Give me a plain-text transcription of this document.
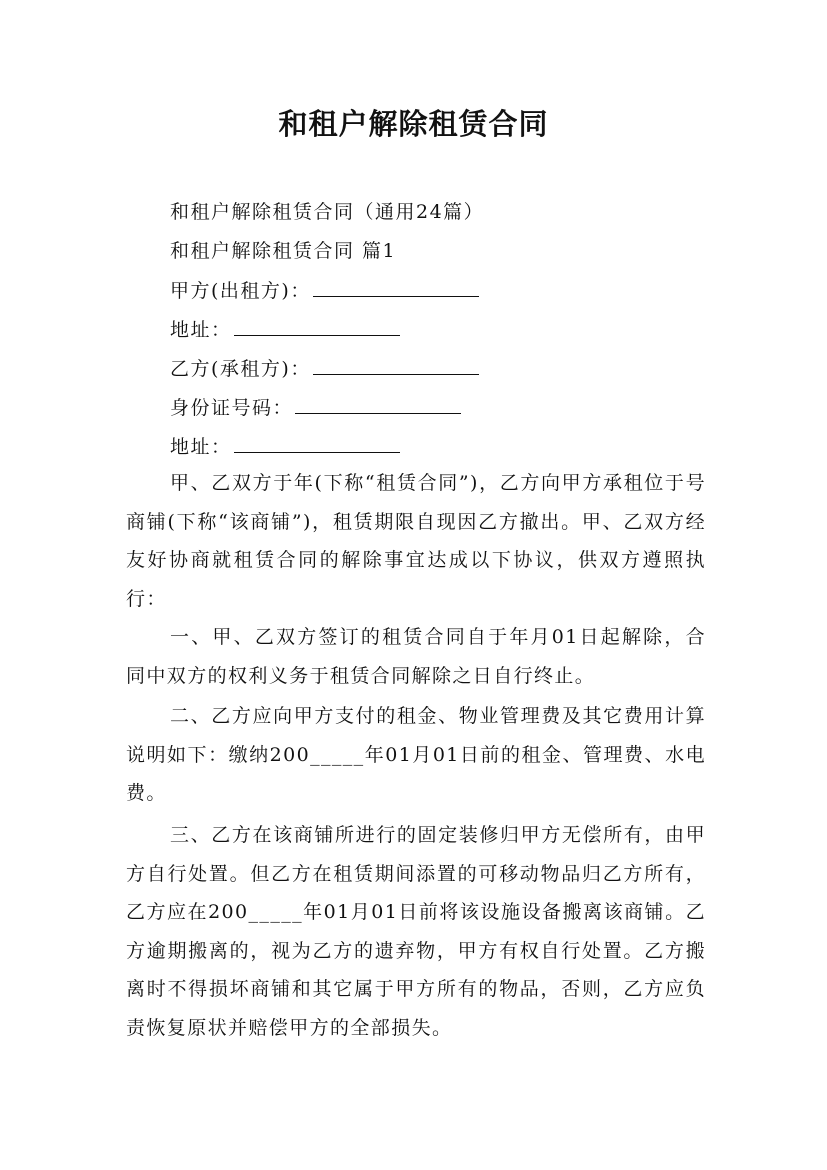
和租户解除租赁合同
和租户解除租赁合同（通用24篇）
和租户解除租赁合同 篇1
甲方(出租方)：
地址：
乙方(承租方)：
身份证号码：
地址：
甲、乙双方于年(下称“租赁合同”)，乙方向甲方承租位于号商铺(下称“该商铺”)，租赁期限自现因乙方撤出。甲、乙双方经友好协商就租赁合同的解除事宜达成以下协议，供双方遵照执行：
一、甲、乙双方签订的租赁合同自于年月01日起解除，合同中双方的权利义务于租赁合同解除之日自行终止。
二、乙方应向甲方支付的租金、物业管理费及其它费用计算说明如下：缴纳200_____年01月01日前的租金、管理费、水电费。
三、乙方在该商铺所进行的固定装修归甲方无偿所有，由甲方自行处置。但乙方在租赁期间添置的可移动物品归乙方所有，乙方应在200_____年01月01日前将该设施设备搬离该商铺。乙方逾期搬离的，视为乙方的遗弃物，甲方有权自行处置。乙方搬离时不得损坏商铺和其它属于甲方所有的物品，否则，乙方应负责恢复原状并赔偿甲方的全部损失。
